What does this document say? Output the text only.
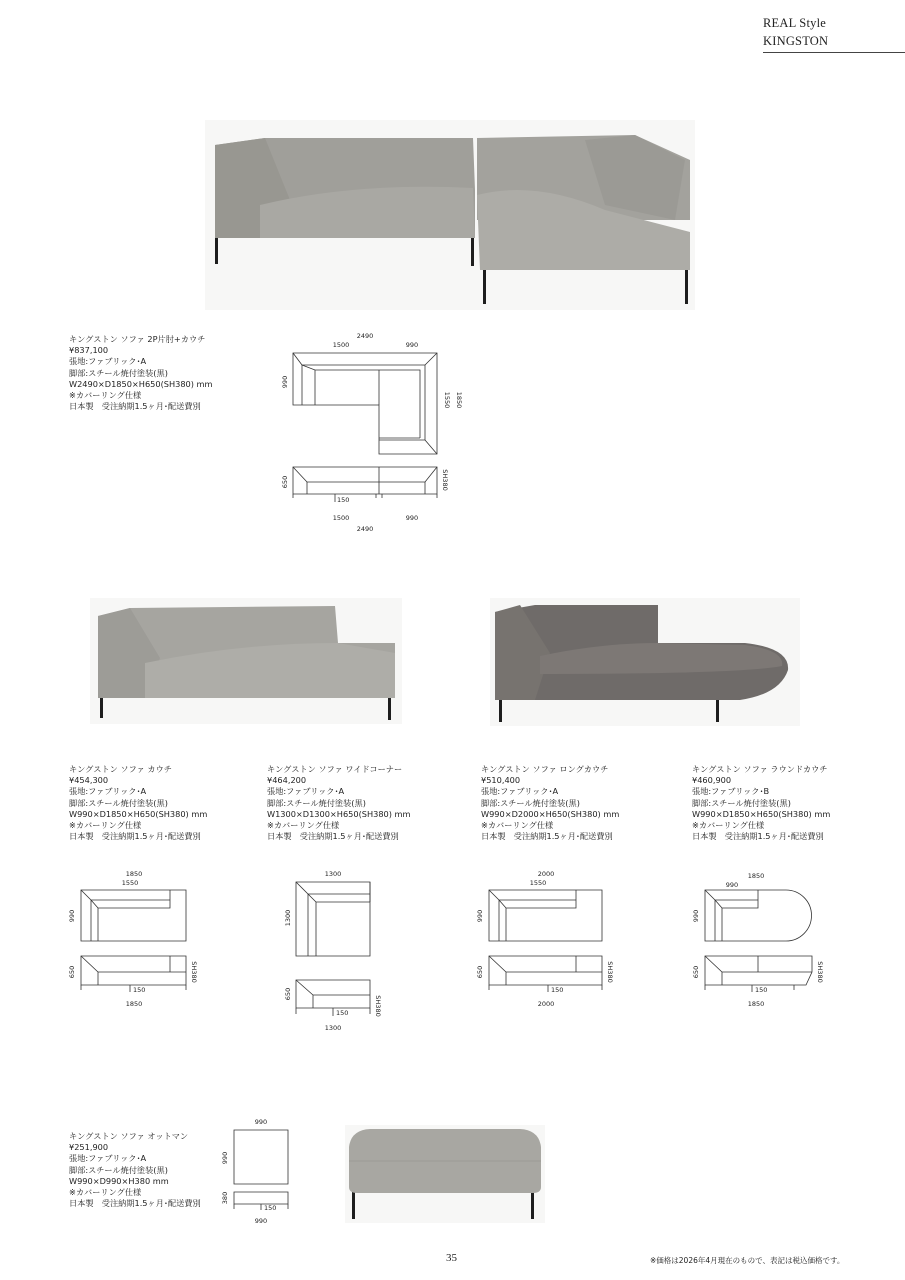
REAL Style
KINGSTON
キングストン ソファ 2P片肘+カウチ
¥837,100
張地:ファブリック･A
脚部:スチール焼付塗装(黒)
W2490×D1850×H650(SH380) mm
※カバーリング仕様
日本製　受注納期1.5ヶ月･配送費別
2490
1500	990
990
1550 1850
150
650	SH380
1500	990
2490
キングストン ソファ カウチ
¥454,300
張地:ファブリック･A
脚部:スチール焼付塗装(黒)
W990×D1850×H650(SH380) mm
※カバーリング仕様
日本製　受注納期1.5ヶ月･配送費別
キングストン ソファ ワイドコーナー
¥464,200
張地:ファブリック･A
脚部:スチール焼付塗装(黒)
W1300×D1300×H650(SH380) mm
※カバーリング仕様
日本製　受注納期1.5ヶ月･配送費別
キングストン ソファ ロングカウチ
¥510,400
張地:ファブリック･A
脚部:スチール焼付塗装(黒)
W990×D2000×H650(SH380) mm
※カバーリング仕様
日本製　受注納期1.5ヶ月･配送費別
キングストン ソファ ラウンドカウチ
¥460,900
張地:ファブリック･B
脚部:スチール焼付塗装(黒)
W990×D1850×H650(SH380) mm
※カバーリング仕様
日本製　受注納期1.5ヶ月･配送費別
1850
1550
990
150
650	SH380
1850
1300
1300
150
650
SH380
1300
2000
1550
990
150
650	SH380
2000
1850
990
990
150
650	SH380
1850
キングストン ソファ オットマン
¥251,900
張地:ファブリック･A
脚部:スチール焼付塗装(黒)
W990×D990×H380 mm
※カバーリング仕様
日本製　受注納期1.5ヶ月･配送費別
990
990
150
380
990
35	※価格は2026年4月現在のもので、表記は税込価格です。
